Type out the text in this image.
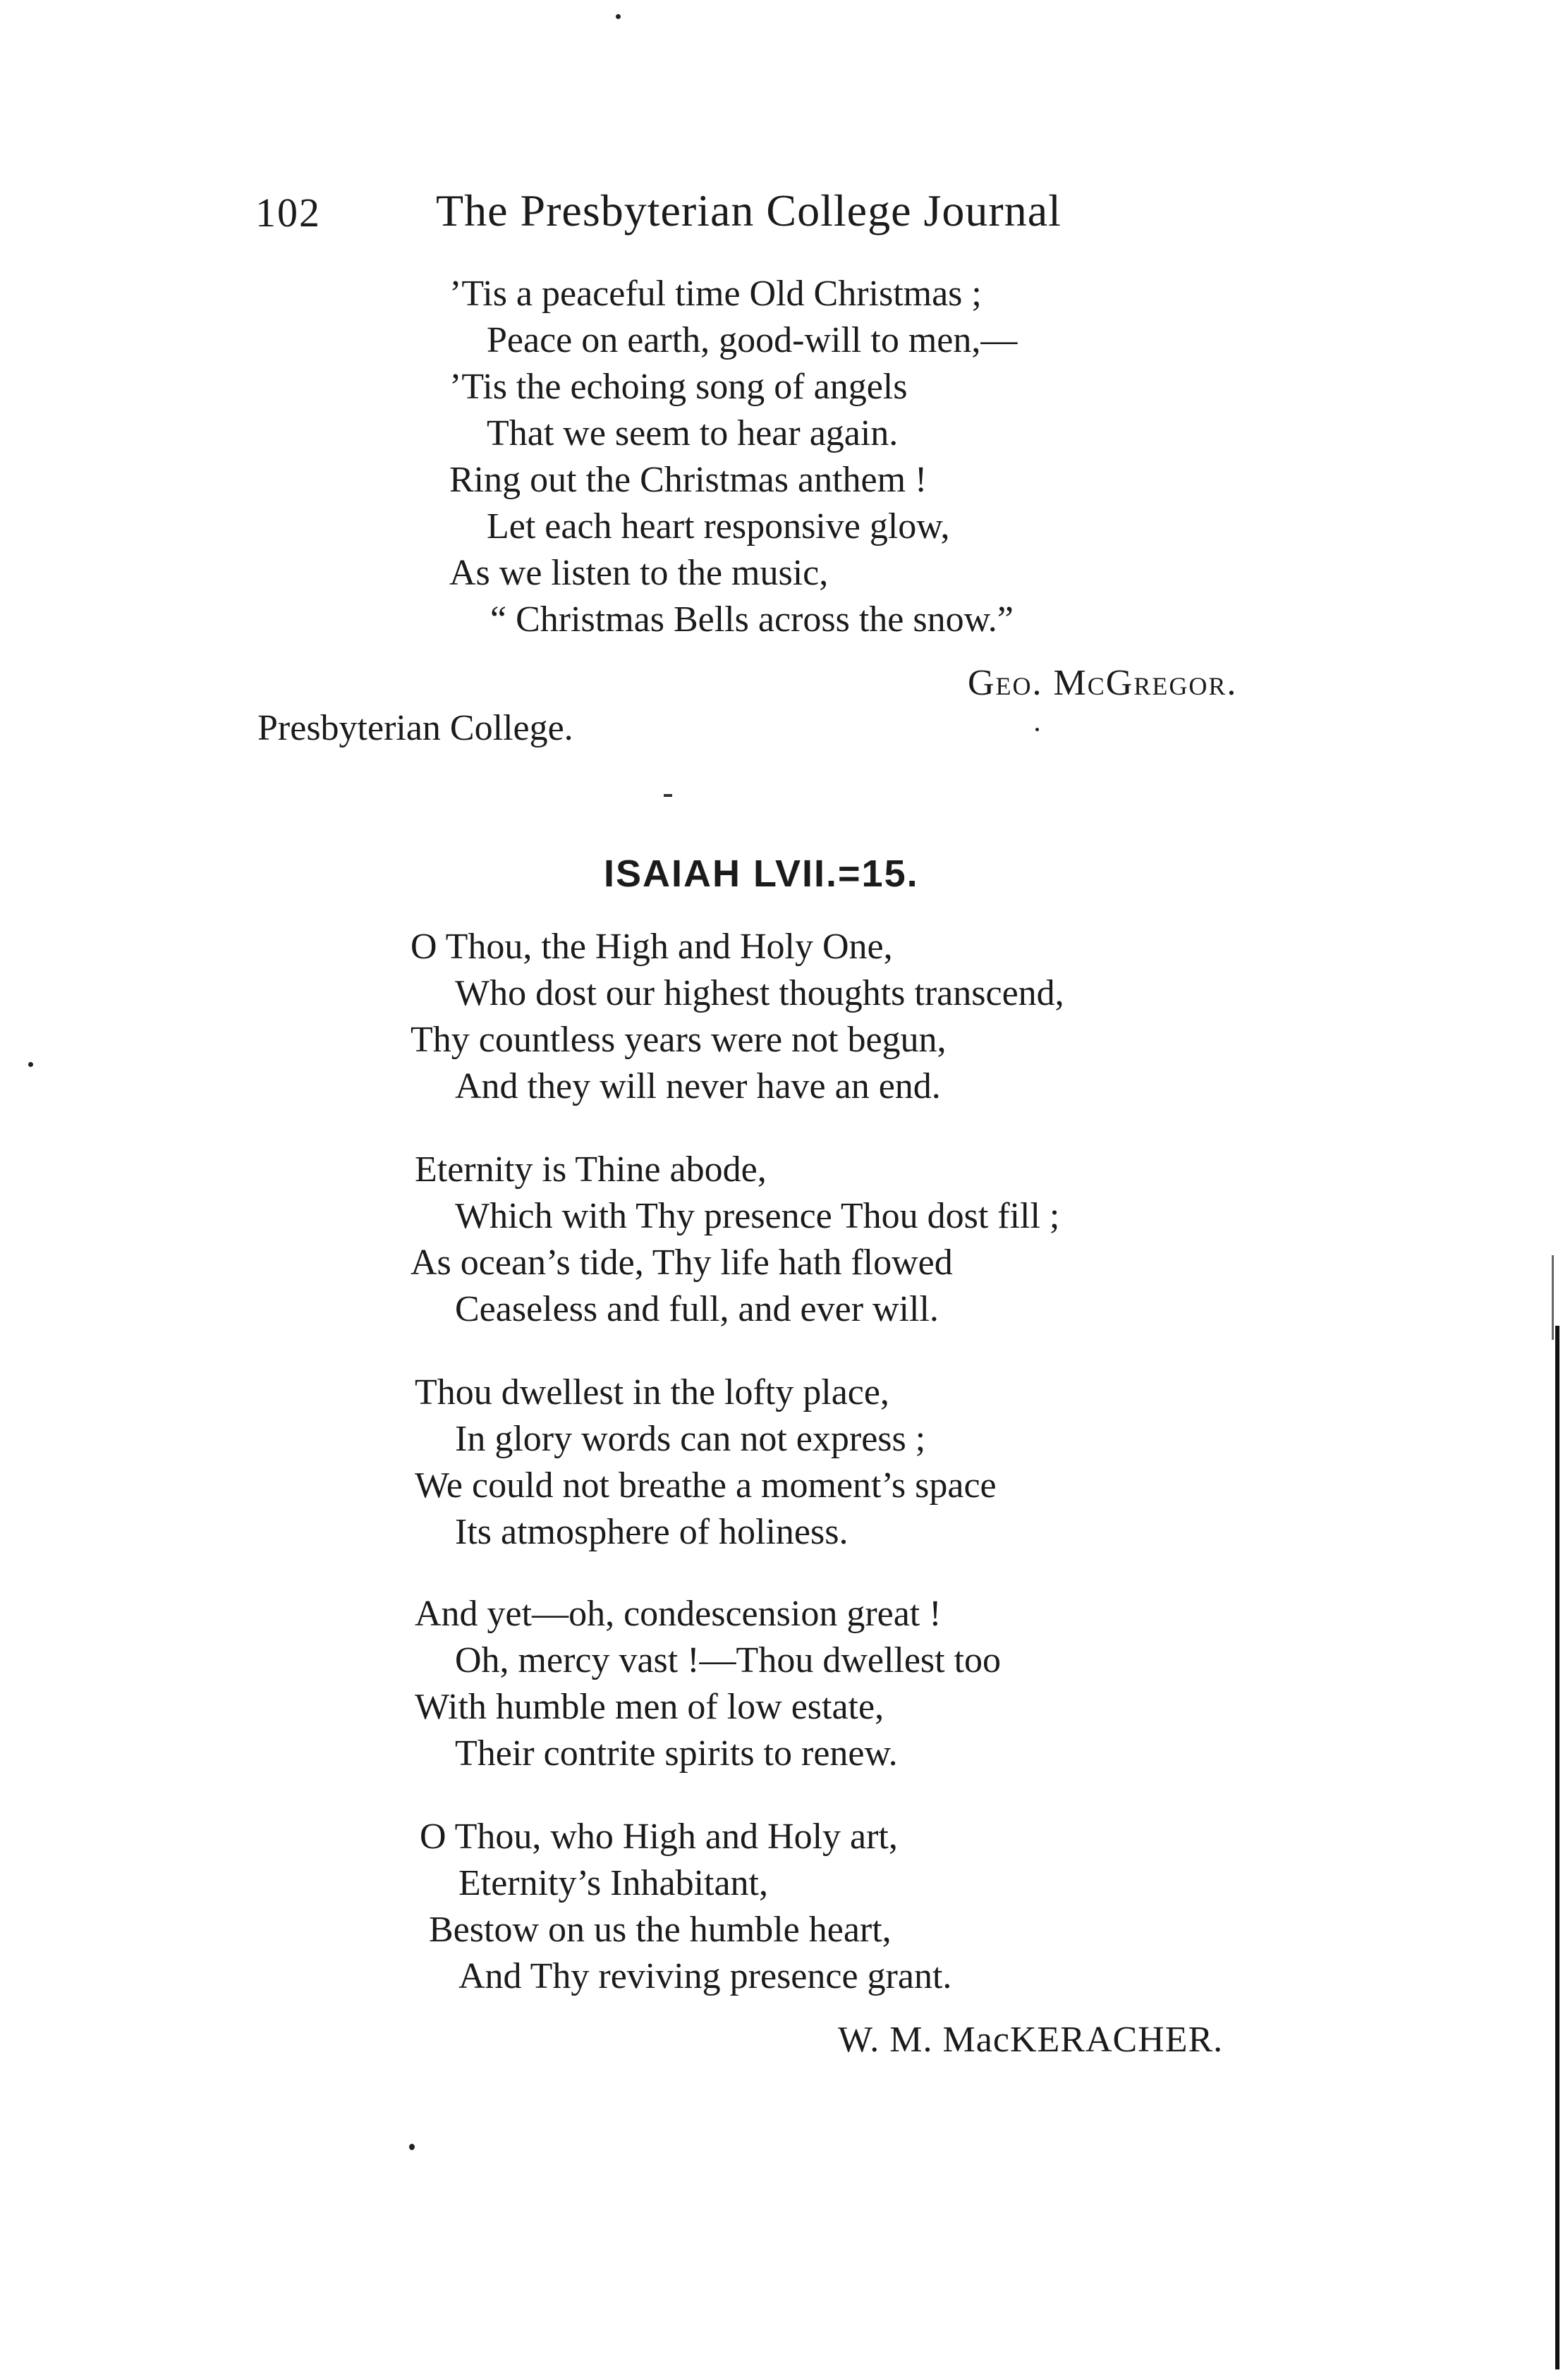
102	The Presbyterian College Journal
’Tis a peaceful time Old Christmas ;
Peace on earth, good-will to men,—
’Tis the echoing song of angels
That we seem to hear again.
Ring out the Christmas anthem !
Let each heart responsive glow,
As we listen to the music,
“ Christmas Bells across the snow.”
Geo. McGregor.
Presbyterian College.
ISAIAH LVII.=15.
O Thou, the High and Holy One,
Who dost our highest thoughts transcend,
Thy countless years were not begun,
And they will never have an end.
Eternity is Thine abode,
Which with Thy presence Thou dost fill ;
As ocean’s tide, Thy life hath flowed
Ceaseless and full, and ever will.
Thou dwellest in the lofty place,
In glory words can not express ;
We could not breathe a moment’s space
Its atmosphere of holiness.
And yet—oh, condescension great !
Oh, mercy vast !—Thou dwellest too
With humble men of low estate,
Their contrite spirits to renew.
O Thou, who High and Holy art,
Eternity’s Inhabitant,
Bestow on us the humble heart,
And Thy reviving presence grant.
W. M. MacKERACHER.
